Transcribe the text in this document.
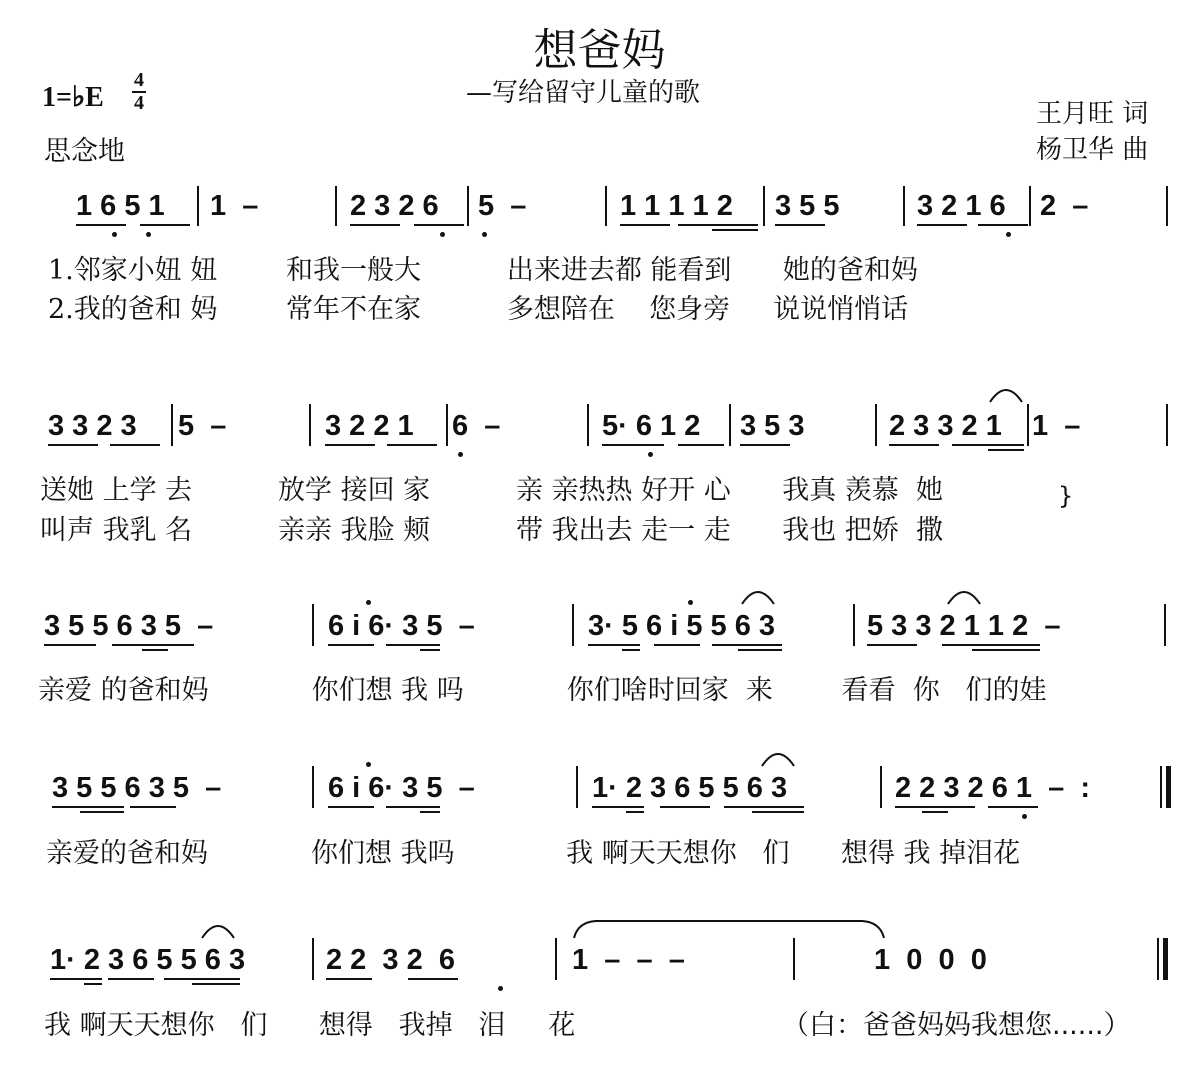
想爸妈
—写给留守儿童的歌
1=♭E
4
4
思念地
王月旺 词
杨卫华 曲
1 6 5 1 1  –	2 3 2 6 5  –	1 1 1 1 2 3 5 5	3 2 1 6 2  –
1.邻家小妞 妞        和我一般大          出来进去都 能看到      她的爸和妈
2.我的爸和 妈        常年不在家          多想陪在    您身旁     说说悄悄话
3 3 2 3 5  –	3 2 2 1 6  –	5· 6 1 2 3 5 3	2 3 3 2 1 1  –
送她 上学 去          放学 接回 家          亲 亲热热 好开 心      我真 羡慕  她
叫声 我乳 名          亲亲 我脸 颊          带 我出去 走一 走      我也 把娇  撒
}
3 5 5 6 3 5  –	6 i 6· 3 5  –	3· 5 6 i 5 5 6 3	5 3 3 2 1 1 2  –
亲爱 的爸和妈            你们想 我 吗            你们啥时回家  来        看看  你   们的娃
3 5 5 6 3 5  –	6 i 6· 3 5  –	1· 2 3 6 5 5 6 3	2 2 3 2 6 1  –  :
亲爱的爸和妈            你们想 我吗             我 啊天天想你   们      想得 我 掉泪花
1· 2 3 6 5 5 6 3	2 2  3 2  6	1  –  –  –	1  0  0  0
我 啊天天想你   们      想得   我掉   泪     花	（白：爸爸妈妈我想您......）
